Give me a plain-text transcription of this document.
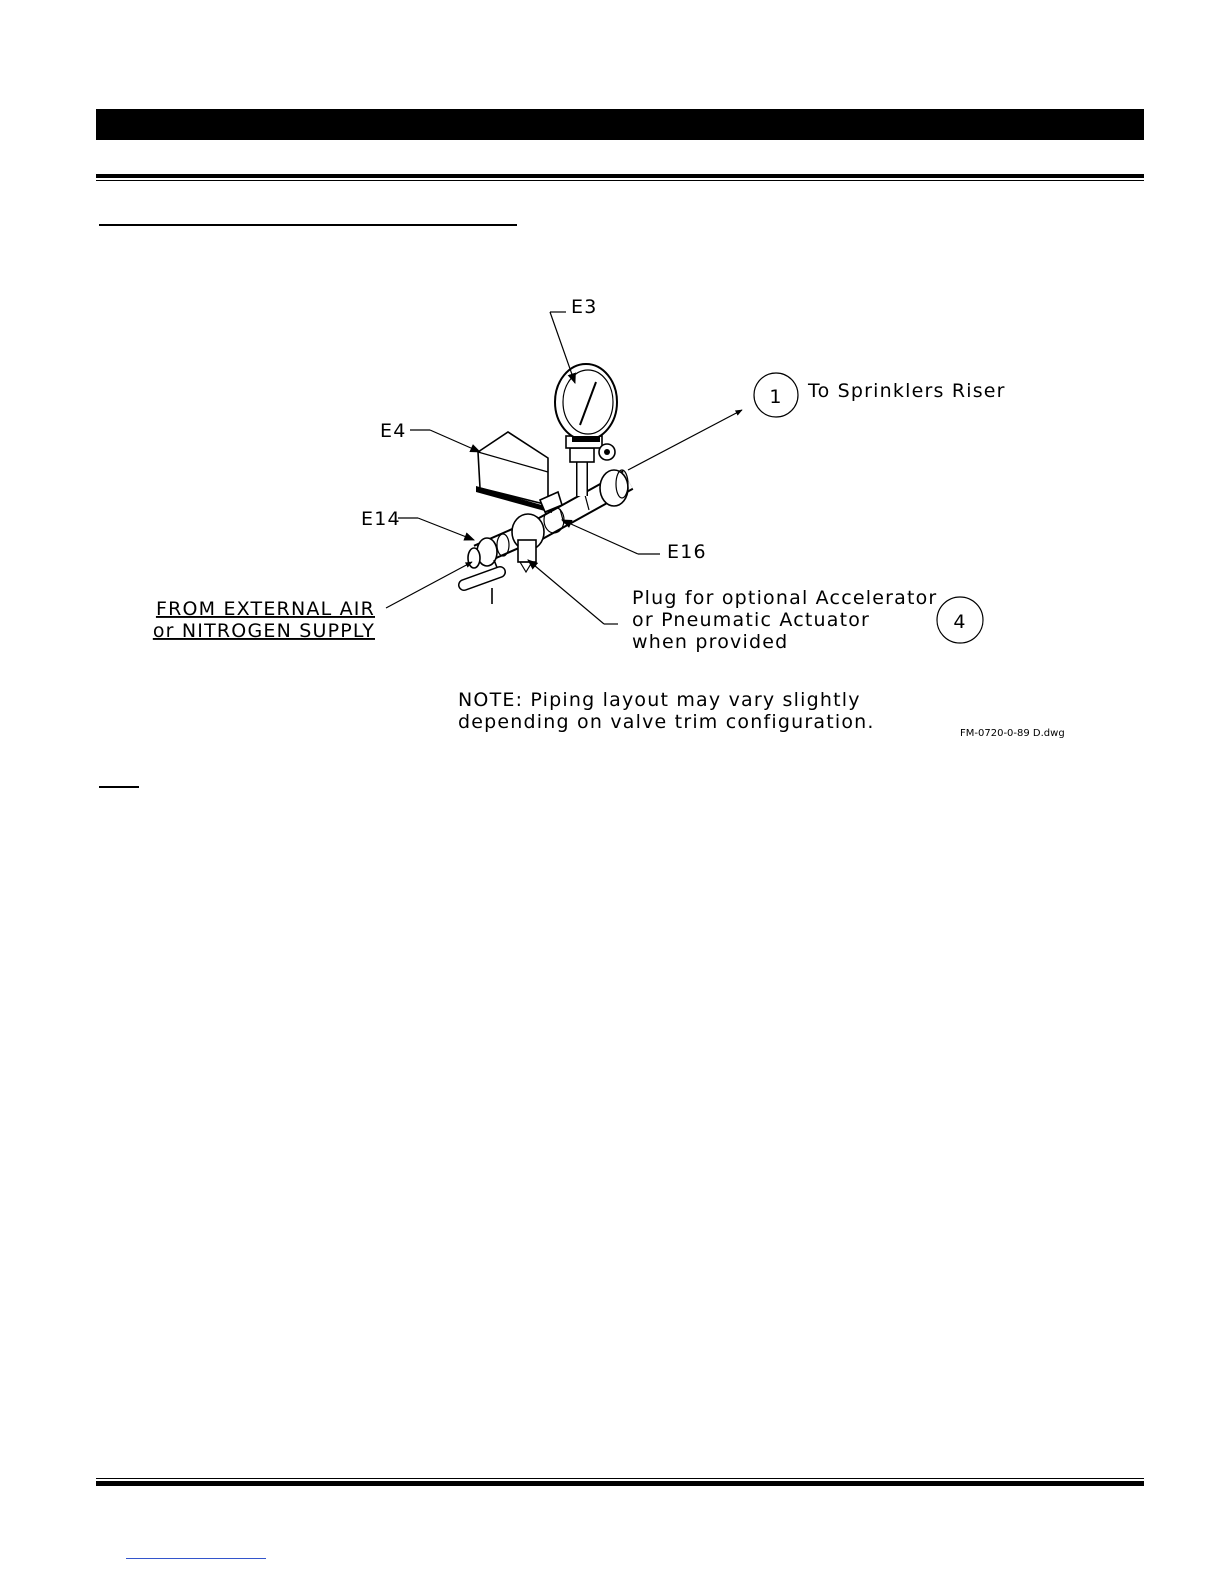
E3
E4
E14
E16
1 To Sprinklers Riser
FROM EXTERNAL AIR
or NITROGEN SUPPLY
Plug for optional Accelerator
or Pneumatic Actuator
when provided
4
NOTE: Piping layout may vary slightly
depending on valve trim configuration.
FM-0720-0-89 D.dwg
